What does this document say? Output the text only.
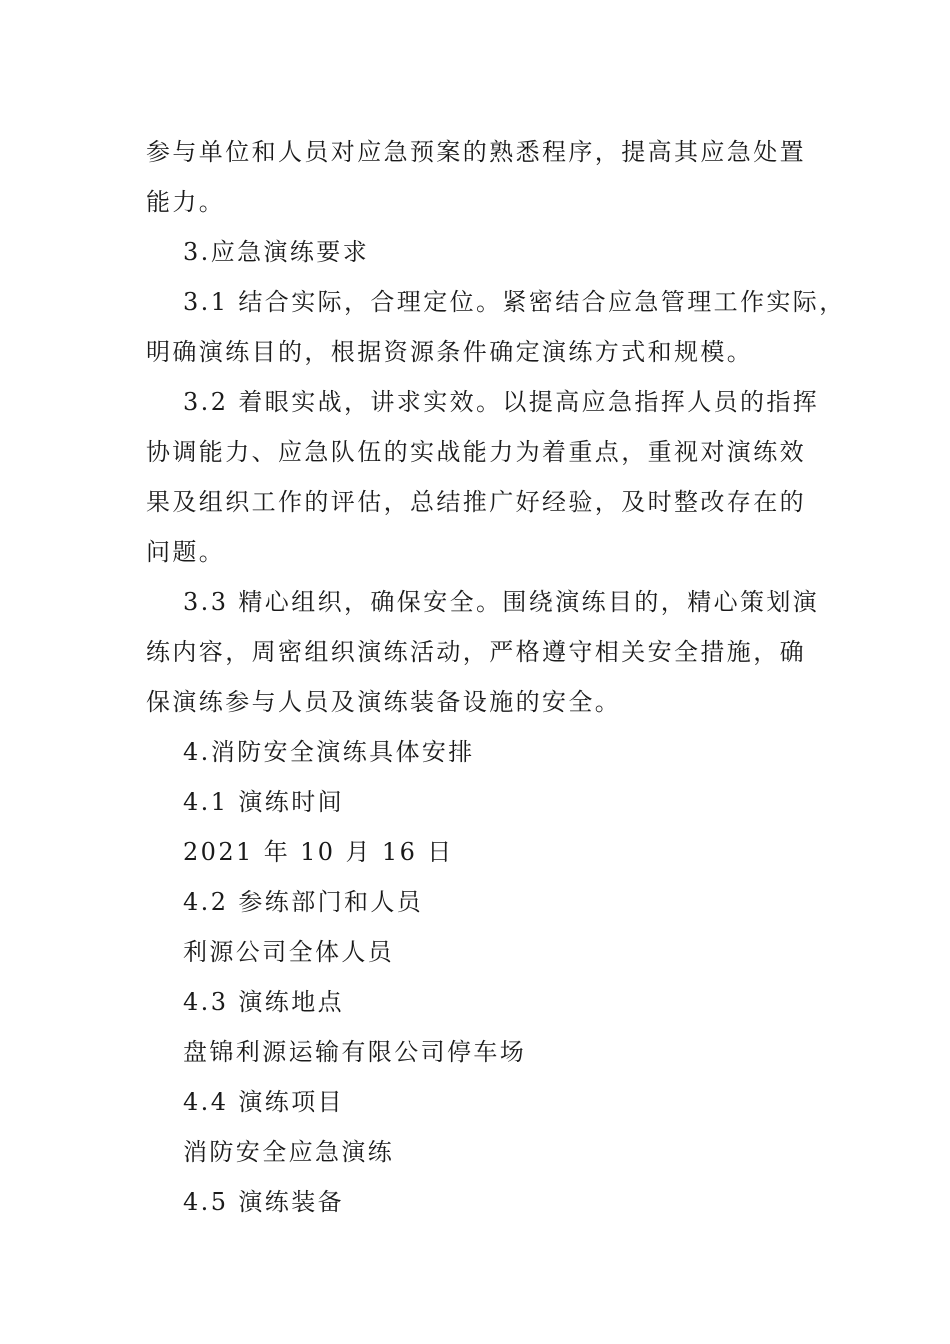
参与单位和人员对应急预案的熟悉程序，提高其应急处置
能力。
3.应急演练要求
3.1 结合实际，合理定位。紧密结合应急管理工作实际，
明确演练目的，根据资源条件确定演练方式和规模。
3.2 着眼实战，讲求实效。以提高应急指挥人员的指挥
协调能力、应急队伍的实战能力为着重点，重视对演练效
果及组织工作的评估，总结推广好经验，及时整改存在的
问题。
3.3 精心组织，确保安全。围绕演练目的，精心策划演
练内容，周密组织演练活动，严格遵守相关安全措施，确
保演练参与人员及演练装备设施的安全。
4.消防安全演练具体安排
4.1 演练时间
2021 年 10 月 16 日
4.2 参练部门和人员
利源公司全体人员
4.3 演练地点
盘锦利源运输有限公司停车场
4.4 演练项目
消防安全应急演练
4.5 演练装备
